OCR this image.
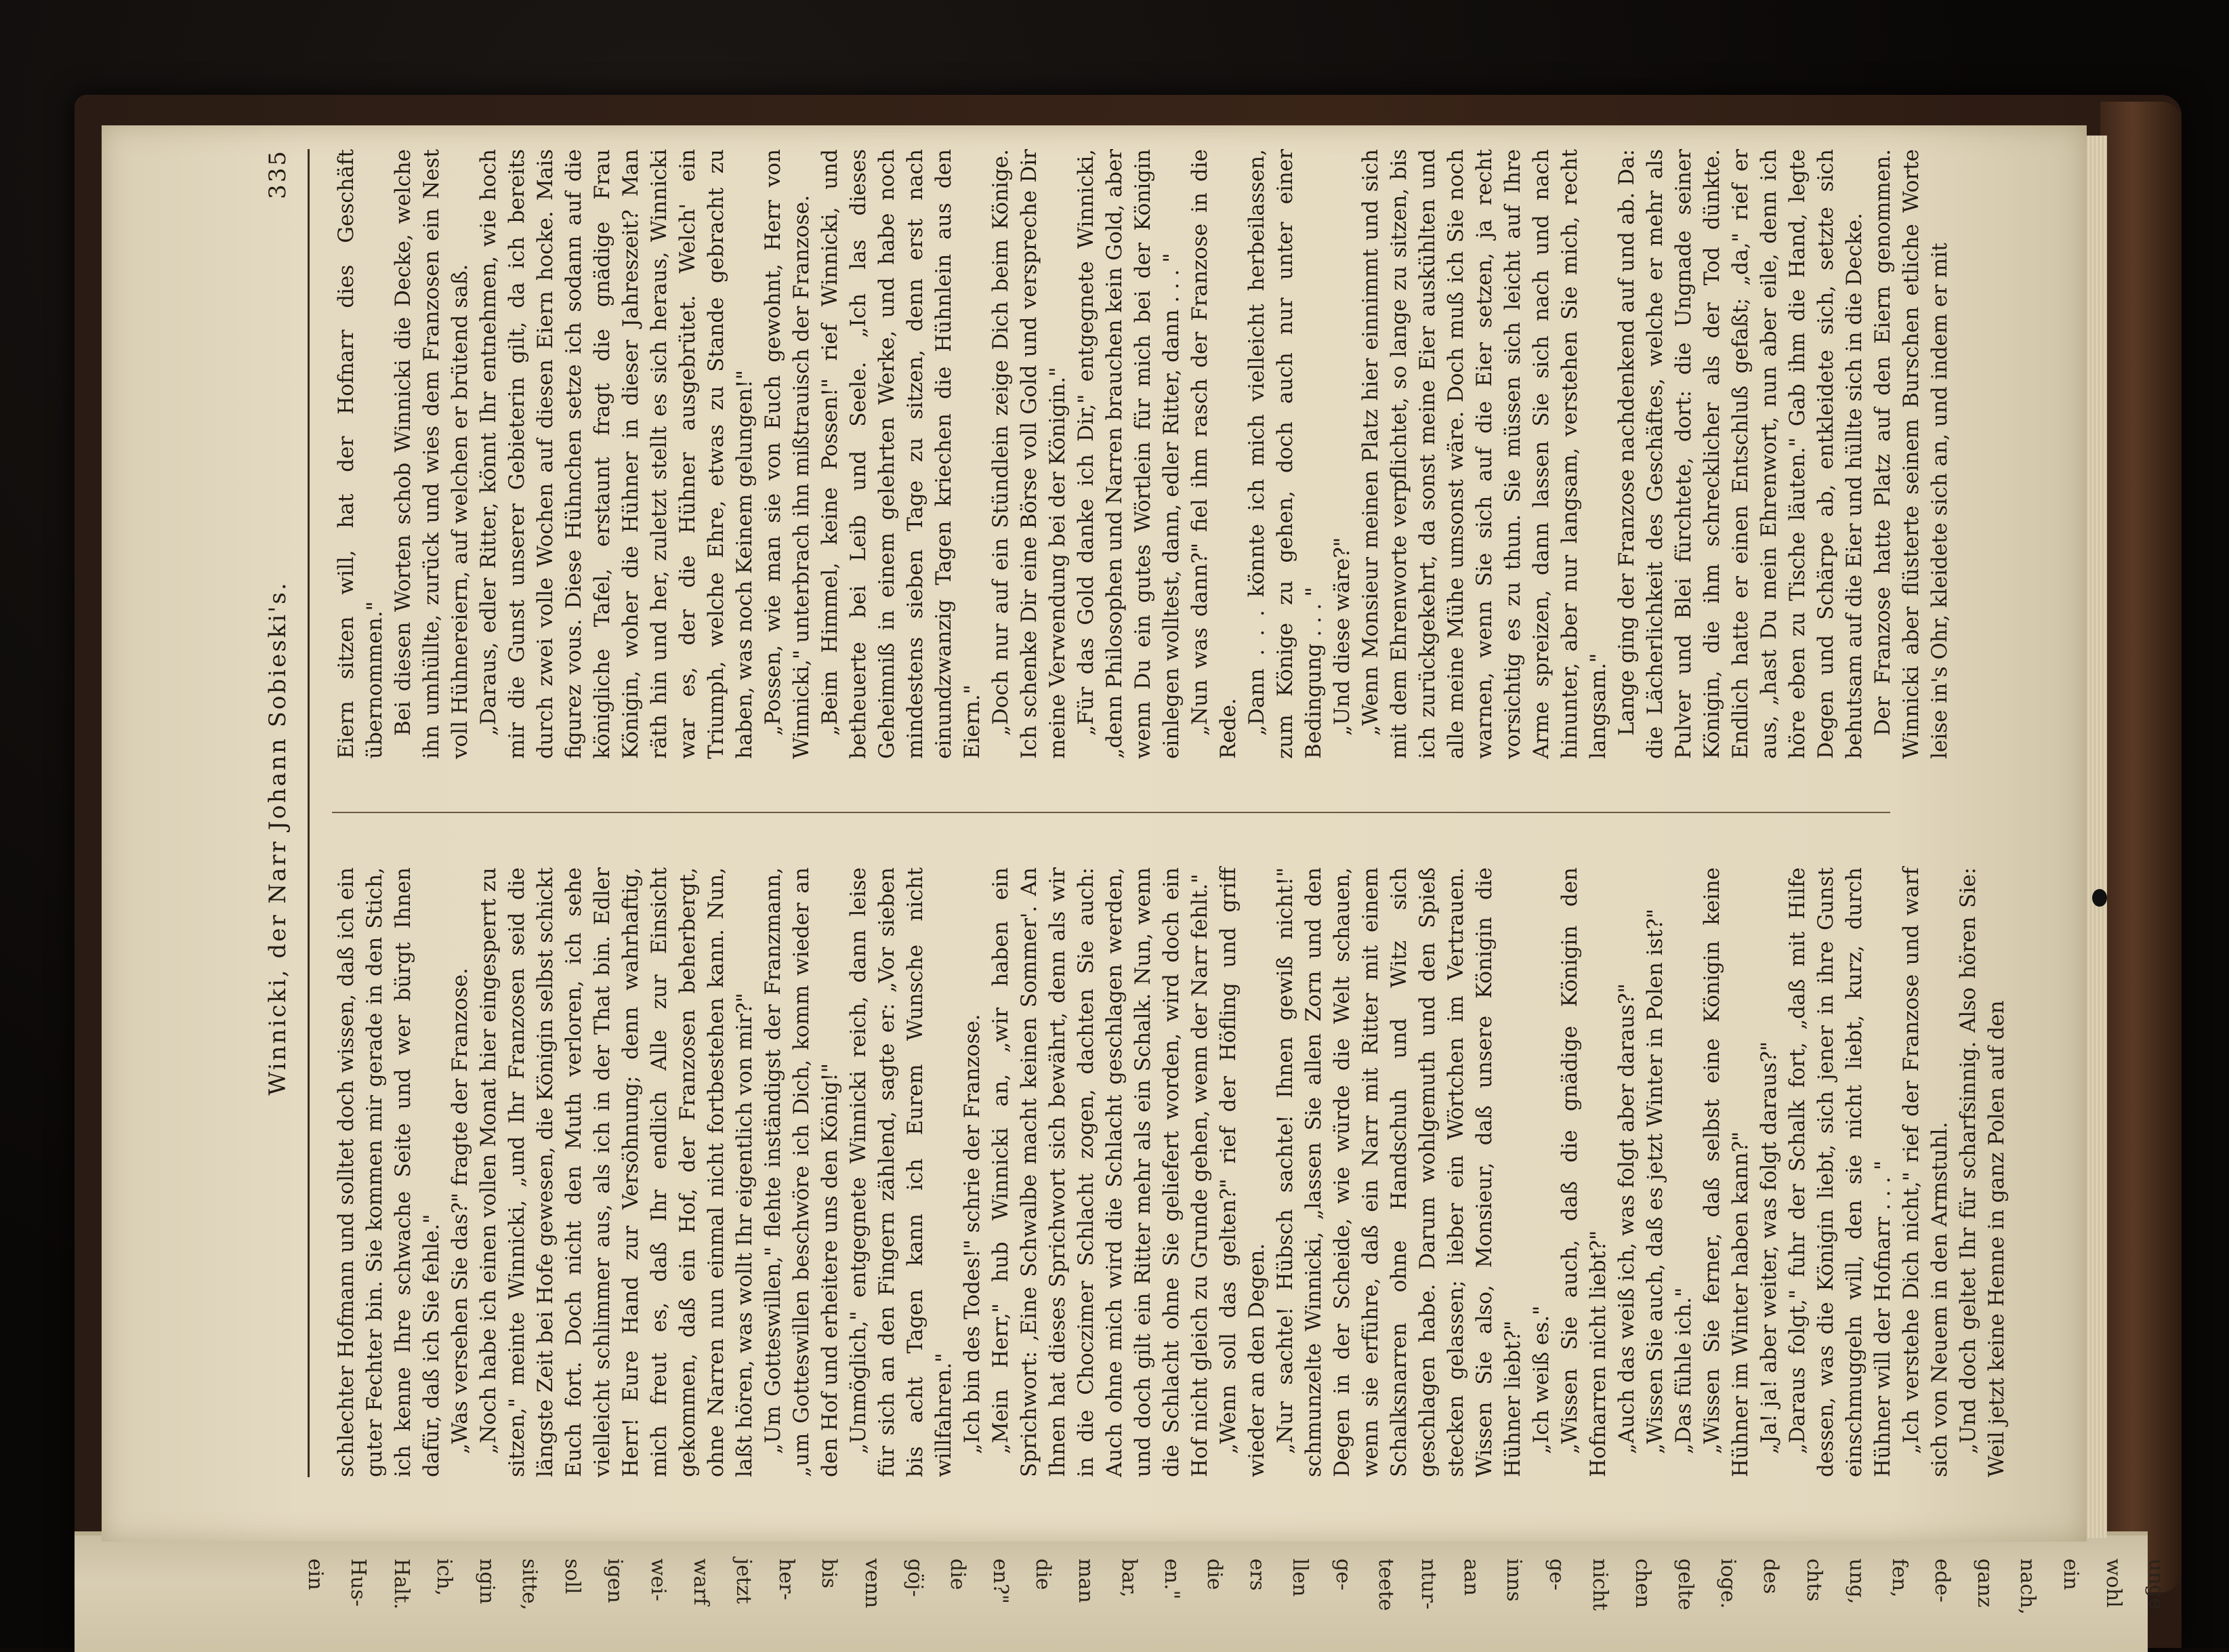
unge
wohl
ein
nach,
ganz
ede-
fen,
ung,
chts
des
ioge.
gelte
chen
nicht
ge-
inns
aan
ntur-
teete
ge-
llen
ers
die
en."
bar,
man
die
en?"
die
göj-
venn
bis
her-
jetzt
warf
wei-
igen
soll
sitte,
ngin
ich,
Halt.
Hus-
ein
Winnicki, der Narr Johann Sobieski's.
335

schlechter Hofmann und solltet doch wissen, daß ich ein guter Fechter bin. Sie kommen mir gerade in den Stich, ich kenne Ihre schwache Seite und wer bürgt Ihnen dafür, daß ich Sie fehle." „Was versehen Sie das?" fragte der Franzose. „Noch habe ich einen vollen Monat hier eingesperrt zu sitzen," meinte Winnicki, „und Ihr Franzosen seid die längste Zeit bei Hofe gewesen, die Königin selbst schickt Euch fort. Doch nicht den Muth verloren, ich sehe vielleicht schlimmer aus, als ich in der That bin. Edler Herr! Eure Hand zur Versöhnung; denn wahrhaftig, mich freut es, daß Ihr endlich Alle zur Einsicht gekommen, daß ein Hof, der Franzosen beherbergt, ohne Narren nun einmal nicht fortbestehen kann. Nun, laßt hören, was wollt Ihr eigentlich von mir?" „Um Gotteswillen," flehte inständigst der Franzmann, „um Gotteswillen beschwöre ich Dich, komm wieder an den Hof und erheitere uns den König!" „Unmöglich," entgegnete Winnicki reich, dann leise für sich an den Fingern zählend, sagte er: „Vor sieben bis acht Tagen kann ich Eurem Wunsche nicht willfahren." „Ich bin des Todes!" schrie der Franzose. „Mein Herr," hub Winnicki an, „wir haben ein Sprichwort: ‚Eine Schwalbe macht keinen Sommer'. An Ihnen hat dieses Sprichwort sich bewährt, denn als wir in die Choczimer Schlacht zogen, dachten Sie auch: Auch ohne mich wird die Schlacht geschlagen werden, und doch gilt ein Ritter mehr als ein Schalk. Nun, wenn die Schlacht ohne Sie geliefert worden, wird doch ein Hof nicht gleich zu Grunde gehen, wenn der Narr fehlt." „Wenn soll das gelten?" rief der Höfling und griff wieder an den Degen. „Nur sachte! Hübsch sachte! Ihnen gewiß nicht!" schmunzelte Winnicki, „lassen Sie allen Zorn und den Degen in der Scheide, wie würde die Welt schauen, wenn sie erführe, daß ein Narr mit Ritter mit einem Schalksnarren ohne Handschuh und Witz sich geschlagen habe. Darum wohlgemuth und den Spieß stecken gelassen; lieber ein Wörtchen im Vertrauen. Wissen Sie also, Monsieur, daß unsere Königin die Hühner liebt?" „Ich weiß es." „Wissen Sie auch, daß die gnädige Königin den Hofnarren nicht liebt?" „Auch das weiß ich, was folgt aber daraus?" „Wissen Sie auch, daß es jetzt Winter in Polen ist?" „Das fühle ich." „Wissen Sie ferner, daß selbst eine Königin keine Hühner im Winter haben kann?" „Ja! ja! aber weiter, was folgt daraus?" „Daraus folgt," fuhr der Schalk fort, „daß mit Hilfe dessen, was die Königin liebt, sich jener in ihre Gunst einschmuggeln will, den sie nicht liebt, kurz, durch Hühner will der Hofnarr . . . " „Ich verstehe Dich nicht," rief der Franzose und warf sich von Neuem in den Armstuhl. „Und doch geltet Ihr für scharfsinnig. Also hören Sie: Weil jetzt keine Henne in ganz Polen auf den

Eiern sitzen will, hat der Hofnarr dies Geschäft übernommen." Bei diesen Worten schob Winnicki die Decke, welche ihn umhüllte, zurück und wies dem Franzosen ein Nest voll Hühnereiern, auf welchen er brütend saß. „Daraus, edler Ritter, könnt Ihr entnehmen, wie hoch mir die Gunst unserer Gebieterin gilt, da ich bereits durch zwei volle Wochen auf diesen Eiern hocke. Mais figurez vous. Diese Hühnchen setze ich sodann auf die königliche Tafel, erstaunt fragt die gnädige Frau Königin, woher die Hühner in dieser Jahreszeit? Man räth hin und her, zuletzt stellt es sich heraus, Winnicki war es, der die Hühner ausgebrütet. Welch' ein Triumph, welche Ehre, etwas zu Stande gebracht zu haben, was noch Keinem gelungen!" „Possen, wie man sie von Euch gewohnt, Herr von Winnicki," unterbrach ihn mißtrauisch der Franzose. „Beim Himmel, keine Possen!" rief Winnicki, und betheuerte bei Leib und Seele. „Ich las dieses Geheimniß in einem gelehrten Werke, und habe noch mindestens sieben Tage zu sitzen, denn erst nach einundzwanzig Tagen kriechen die Hühnlein aus den Eiern." „Doch nur auf ein Stündlein zeige Dich beim Könige. Ich schenke Dir eine Börse voll Gold und verspreche Dir meine Verwendung bei der Königin." „Für das Gold danke ich Dir," entgegnete Winnicki, „denn Philosophen und Narren brauchen kein Gold, aber wenn Du ein gutes Wörtlein für mich bei der Königin einlegen wolltest, dann, edler Ritter, dann . . . " „Nun was dann?" fiel ihm rasch der Franzose in die Rede. „Dann . . . könnte ich mich vielleicht herbeilassen, zum Könige zu gehen, doch auch nur unter einer Bedingung . . . " „Und diese wäre?" „Wenn Monsieur meinen Platz hier einnimmt und sich mit dem Ehrenworte verpflichtet, so lange zu sitzen, bis ich zurückgekehrt, da sonst meine Eier auskühlten und alle meine Mühe umsonst wäre. Doch muß ich Sie noch warnen, wenn Sie sich auf die Eier setzen, ja recht vorsichtig es zu thun. Sie müssen sich leicht auf Ihre Arme spreizen, dann lassen Sie sich nach und nach hinunter, aber nur langsam, verstehen Sie mich, recht langsam." Lange ging der Franzose nachdenkend auf und ab. Da: die Lächerlichkeit des Geschäftes, welche er mehr als Pulver und Blei fürchtete, dort: die Ungnade seiner Königin, die ihm schrecklicher als der Tod dünkte. Endlich hatte er einen Entschluß gefaßt; „da," rief er aus, „hast Du mein Ehrenwort, nun aber eile, denn ich höre eben zu Tische läuten." Gab ihm die Hand, legte Degen und Schärpe ab, entkleidete sich, setzte sich behutsam auf die Eier und hüllte sich in die Decke. Der Franzose hatte Platz auf den Eiern genommen. Winnicki aber flüsterte seinem Burschen etliche Worte leise in's Ohr, kleidete sich an, und indem er mit
